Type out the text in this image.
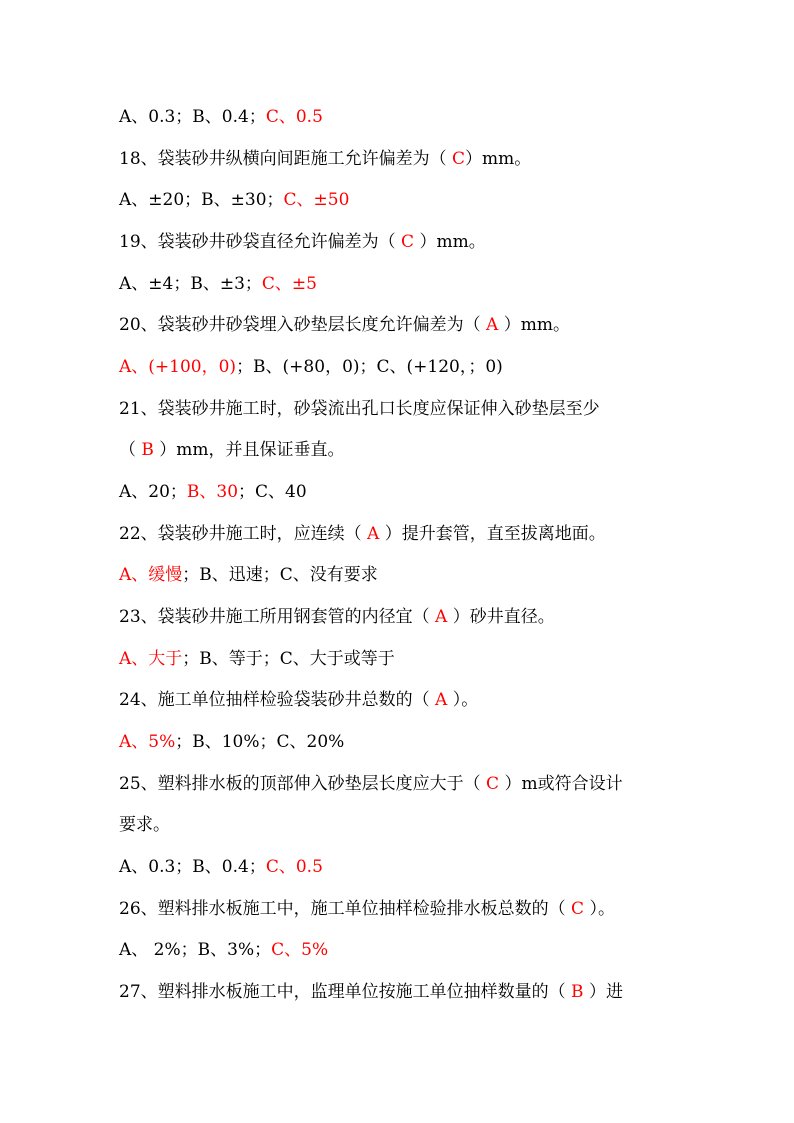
A、0.3；B、0.4；C、0.5
18、袋装砂井纵横向间距施工允许偏差为（ C）mm。
A、±20；B、±30；C、±50
19、袋装砂井砂袋直径允许偏差为（ C ）mm。
A、±4；B、±3；C、±5
20、袋装砂井砂袋埋入砂垫层长度允许偏差为（ A ）mm。
A、(+100，0)；B、(+80，0)；C、(+120，；0)
21、袋装砂井施工时，砂袋流出孔口长度应保证伸入砂垫层至少
（ B ）mm，并且保证垂直。
A、20；B、30；C、40
22、袋装砂井施工时，应连续（ A ）提升套管，直至拔离地面。
A、缓慢；B、迅速；C、没有要求
23、袋装砂井施工所用钢套管的内径宜（ A ）砂井直径。
A、大于；B、等于；C、大于或等于
24、施工单位抽样检验袋装砂井总数的（ A ）。
A、5%；B、10%；C、20%
25、塑料排水板的顶部伸入砂垫层长度应大于（ C ）m或符合设计
要求。
A、0.3；B、0.4；C、0.5
26、塑料排水板施工中，施工单位抽样检验排水板总数的（ C ）。
A、 2%；B、3%；C、5%
27、塑料排水板施工中，监理单位按施工单位抽样数量的（ B ）进
